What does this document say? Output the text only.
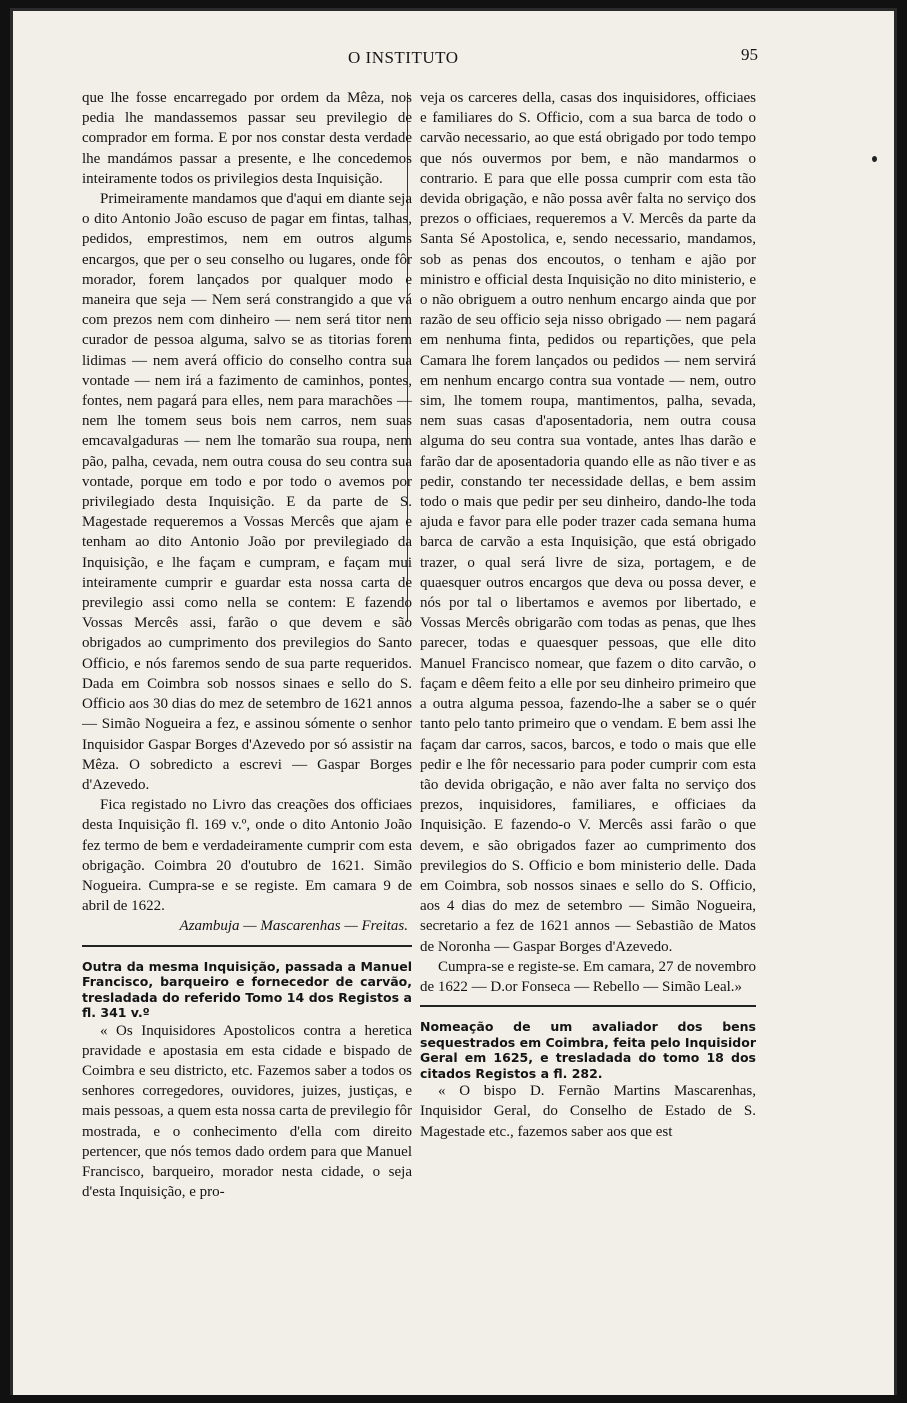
O INSTITUTO	95

que lhe fosse encarregado por ordem da Mêza, nos pedia lhe mandassemos passar seu previlegio de comprador em forma. E por nos constar desta verdade lhe mandámos passar a presente, e lhe concedemos inteiramente todos os privilegios desta Inquisição.

Primeiramente mandamos que d'aqui em diante seja o dito Antonio João escuso de pagar em fintas, talhas, pedidos, emprestimos, nem em outros algums encargos, que per o seu conselho ou lugares, onde fôr morador, forem lançados por qualquer modo e maneira que seja — Nem será constrangido a que vá com prezos nem com dinheiro — nem será titor nem curador de pessoa alguma, salvo se as titorias forem lidimas — nem averá officio do conselho contra sua vontade — nem irá a fazimento de caminhos, pontes, fontes, nem pagará para elles, nem para marachões — nem lhe tomem seus bois nem carros, nem suas emcavalgaduras — nem lhe tomarão sua roupa, nem pão, palha, cevada, nem outra cousa do seu contra sua vontade, porque em todo e por todo o avemos por privilegiado desta Inquisição. E da parte de S. Magestade requeremos a Vossas Mercês que ajam e tenham ao dito Antonio João por previlegiado da Inquisição, e lhe façam e cumpram, e façam mui inteiramente cumprir e guardar esta nossa carta de previlegio assi como nella se contem: E fazendo Vossas Mercês assi, farão o que devem e são obrigados ao cumprimento dos previlegios do Santo Officio, e nós faremos sendo de sua parte requeridos. Dada em Coimbra sob nossos sinaes e sello do S. Officio aos 30 dias do mez de setembro de 1621 annos — Simão Nogueira a fez, e assinou sómente o senhor Inquisidor Gaspar Borges d'Azevedo por só assistir na Mêza. O sobredicto a escrevi — Gaspar Borges d'Azevedo.

Fica registado no Livro das creações dos officiaes desta Inquisição fl. 169 v.º, onde o dito Antonio João fez termo de bem e verdadeiramente cumprir com esta obrigação. Coimbra 20 d'outubro de 1621. Simão Nogueira. Cumpra-se e se registe. Em camara 9 de abril de 1622.

Azambuja — Mascarenhas — Freitas.

Outra da mesma Inquisição, passada a Manuel Francisco, barqueiro e fornecedor de carvão, tresladada do referido Tomo 14 dos Registos a fl. 341 v.º

« Os Inquisidores Apostolicos contra a heretica pravidade e apostasia em esta cidade e bispado de Coimbra e seu districto, etc. Fazemos saber a todos os senhores corregedores, ouvidores, juizes, justiças, e mais pessoas, a quem esta nossa carta de previlegio fôr mostrada, e o conhecimento d'ella com direito pertencer, que nós temos dado ordem para que Manuel Francisco, barqueiro, morador nesta cidade, o seja d'esta Inquisição, e pro-

veja os carceres della, casas dos inquisidores, officiaes e familiares do S. Officio, com a sua barca de todo o carvão necessario, ao que está obrigado por todo tempo que nós ouvermos por bem, e não mandarmos o contrario. E para que elle possa cumprir com esta tão devida obrigação, e não possa avêr falta no serviço dos prezos o officiaes, requeremos a V. Mercês da parte da Santa Sé Apostolica, e, sendo necessario, mandamos, sob as penas dos encoutos, o tenham e ajão por ministro e official desta Inquisição no dito ministerio, e o não obriguem a outro nenhum encargo ainda que por razão de seu officio seja nisso obrigado — nem pagará em nenhuma finta, pedidos ou repartições, que pela Camara lhe forem lançados ou pedidos — nem servirá em nenhum encargo contra sua vontade — nem, outro sim, lhe tomem roupa, mantimentos, palha, sevada, nem suas casas d'aposentadoria, nem outra cousa alguma do seu contra sua vontade, antes lhas darão e farão dar de aposentadoria quando elle as não tiver e as pedir, constando ter necessidade dellas, e bem assim todo o mais que pedir per seu dinheiro, dando-lhe toda ajuda e favor para elle poder trazer cada semana huma barca de carvão a esta Inquisição, que está obrigado trazer, o qual será livre de siza, portagem, e de quaesquer outros encargos que deva ou possa dever, e nós por tal o libertamos e avemos por libertado, e Vossas Mercês obrigarão com todas as penas, que lhes parecer, todas e quaesquer pessoas, que elle dito Manuel Francisco nomear, que fazem o dito carvão, o façam e dêem feito a elle por seu dinheiro primeiro que a outra alguma pessoa, fazendo-lhe a saber se o quér tanto pelo tanto primeiro que o vendam. E bem assi lhe façam dar carros, sacos, barcos, e todo o mais que elle pedir e lhe fôr necessario para poder cumprir com esta tão devida obrigação, e não aver falta no serviço dos prezos, inquisidores, familiares, e officiaes da Inquisição. E fazendo-o V. Mercês assi farão o que devem, e são obrigados fazer ao cumprimento dos previlegios do S. Officio e bom ministerio delle. Dada em Coimbra, sob nossos sinaes e sello do S. Officio, aos 4 dias do mez de setembro — Simão Nogueira, secretario a fez de 1621 annos — Sebastião de Matos de Noronha — Gaspar Borges d'Azevedo.

Cumpra-se e registe-se. Em camara, 27 de novembro de 1622 — D.or Fonseca — Rebello — Simão Leal.»

Nomeação de um avaliador dos bens sequestrados em Coimbra, feita pelo Inquisidor Geral em 1625, e tresladada do tomo 18 dos citados Registos a fl. 282.

« O bispo D. Fernão Martins Mascarenhas, Inquisidor Geral, do Conselho de Estado de S. Magestade etc., fazemos saber aos que est
